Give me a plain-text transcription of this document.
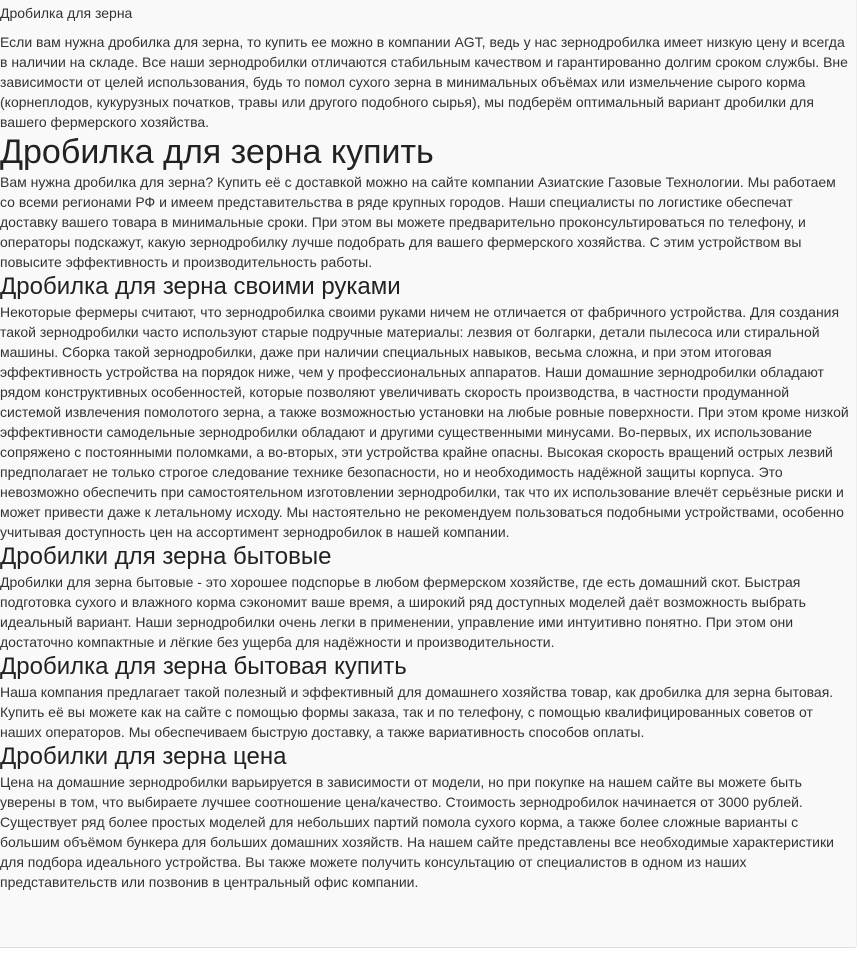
Дробилка для зерна

Если вам нужна дробилка для зерна, то купить ее можно в компании AGT, ведь у нас зернодробилка имеет низкую цену и всегда в наличии на складе. Все наши зернодробилки отличаются стабильным качеством и гарантированно долгим сроком службы. Вне зависимости от целей использования, будь то помол сухого зерна в минимальных объёмах или измельчение сырого корма (корнеплодов, кукурузных початков, травы или другого подобного сырья), мы подберём оптимальный вариант дробилки для вашего фермерского хозяйства.

Дробилка для зерна купить

Вам нужна дробилка для зерна? Купить её с доставкой можно на сайте компании Азиатские Газовые Технологии. Мы работаем со всеми регионами РФ и имеем представительства в ряде крупных городов. Наши специалисты по логистике обеспечат доставку вашего товара в минимальные сроки. При этом вы можете предварительно проконсультироваться по телефону, и операторы подскажут, какую зернодробилку лучше подобрать для вашего фермерского хозяйства. С этим устройством вы повысите эффективность и производительность работы.

Дробилка для зерна своими руками

Некоторые фермеры считают, что зернодробилка своими руками ничем не отличается от фабричного устройства. Для создания такой зернодробилки часто используют старые подручные материалы: лезвия от болгарки, детали пылесоса или стиральной машины. Сборка такой зернодробилки, даже при наличии специальных навыков, весьма сложна, и при этом итоговая эффективность устройства на порядок ниже, чем у профессиональных аппаратов. Наши домашние зернодробилки обладают рядом конструктивных особенностей, которые позволяют увеличивать скорость производства, в частности продуманной системой извлечения помолотого зерна, а также возможностью установки на любые ровные поверхности. При этом кроме низкой эффективности самодельные зернодробилки обладают и другими существенными минусами. Во-первых, их использование сопряжено с постоянными поломками, а во-вторых, эти устройства крайне опасны. Высокая скорость вращений острых лезвий предполагает не только строгое следование технике безопасности, но и необходимость надёжной защиты корпуса. Это невозможно обеспечить при самостоятельном изготовлении зернодробилки, так что их использование влечёт серьёзные риски и может привести даже к летальному исходу. Мы настоятельно не рекомендуем пользоваться подобными устройствами, особенно учитывая доступность цен на ассортимент зернодробилок в нашей компании.

Дробилки для зерна бытовые

Дробилки для зерна бытовые - это хорошее подспорье в любом фермерском хозяйстве, где есть домашний скот. Быстрая подготовка сухого и влажного корма сэкономит ваше время, а широкий ряд доступных моделей даёт возможность выбрать идеальный вариант. Наши зернодробилки очень легки в применении, управление ими интуитивно понятно. При этом они достаточно компактные и лёгкие без ущерба для надёжности и производительности.

Дробилка для зерна бытовая купить

Наша компания предлагает такой полезный и эффективный для домашнего хозяйства товар, как дробилка для зерна бытовая. Купить её вы можете как на сайте с помощью формы заказа, так и по телефону, с помощью квалифицированных советов от наших операторов. Мы обеспечиваем быструю доставку, а также вариативность способов оплаты.

Дробилки для зерна цена

Цена на домашние зернодробилки варьируется в зависимости от модели, но при покупке на нашем сайте вы можете быть уверены в том, что выбираете лучшее соотношение цена/качество. Стоимость зернодробилок начинается от 3000 рублей. Существует ряд более простых моделей для небольших партий помола сухого корма, а также более сложные варианты с большим объёмом бункера для больших домашних хозяйств. На нашем сайте представлены все необходимые характеристики для подбора идеального устройства. Вы также можете получить консультацию от специалистов в одном из наших представительств или позвонив в центральный офис компании.
